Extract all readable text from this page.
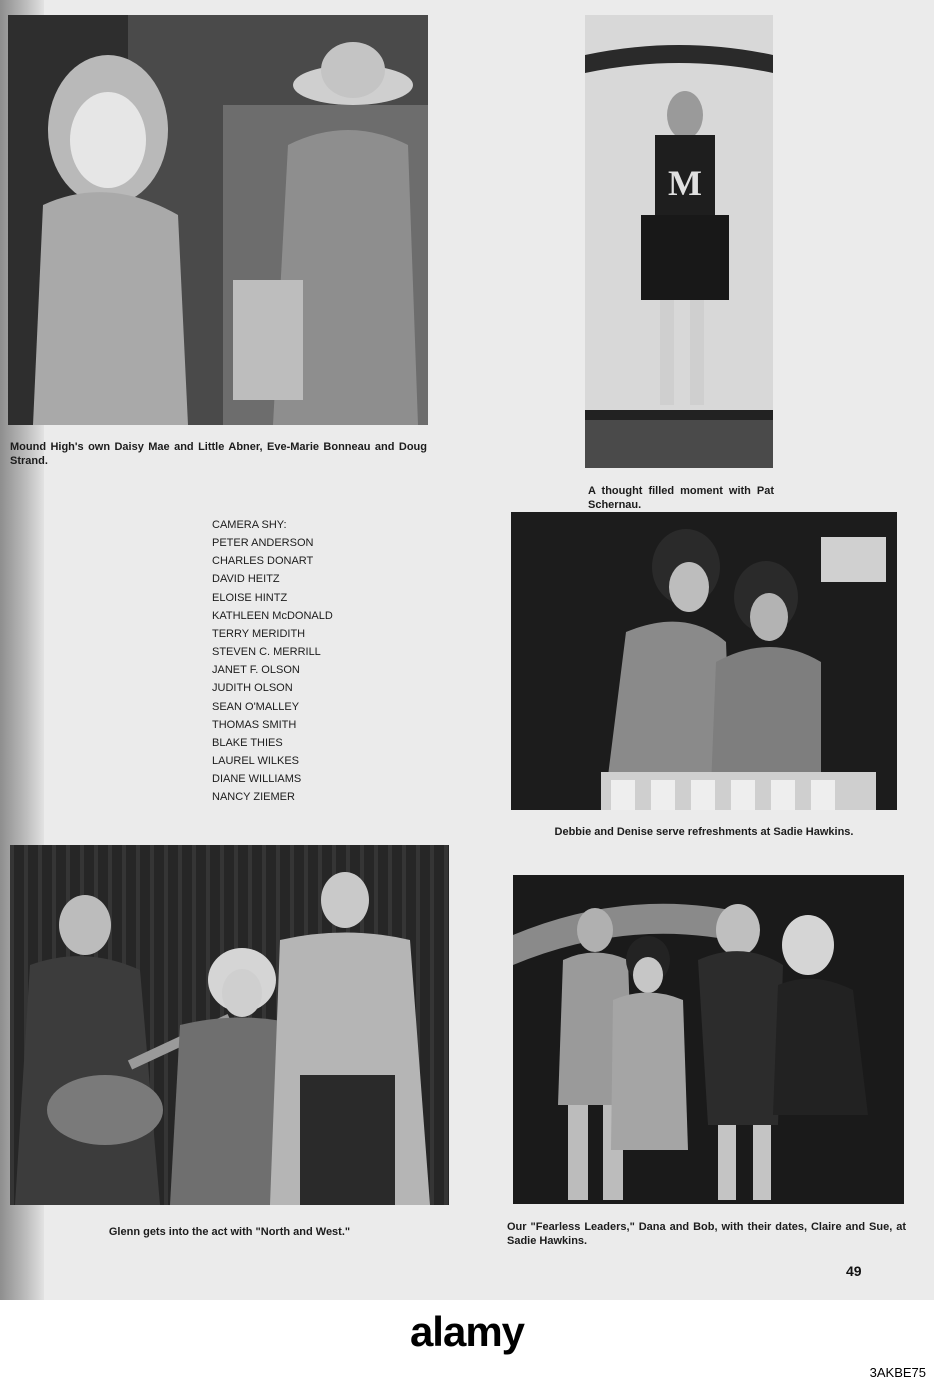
Mound High's own Daisy Mae and Little Abner, Eve-Marie Bonneau and Doug Strand.

M

A thought filled moment with Pat Schernau.

CAMERA SHY:
PETER ANDERSON
CHARLES DONART
DAVID HEITZ
ELOISE HINTZ
KATHLEEN McDONALD
TERRY MERIDITH
STEVEN C. MERRILL
JANET F. OLSON
JUDITH OLSON
SEAN O'MALLEY
THOMAS SMITH
BLAKE THIES
LAUREL WILKES
DIANE WILLIAMS
NANCY ZIEMER

Debbie and Denise serve refreshments at Sadie Hawkins.

Glenn gets into the act with "North and West."	Our "Fearless Leaders," Dana and Bob, with their dates, Claire and Sue, at Sadie Hawkins.

49
alamy
3AKBE75
